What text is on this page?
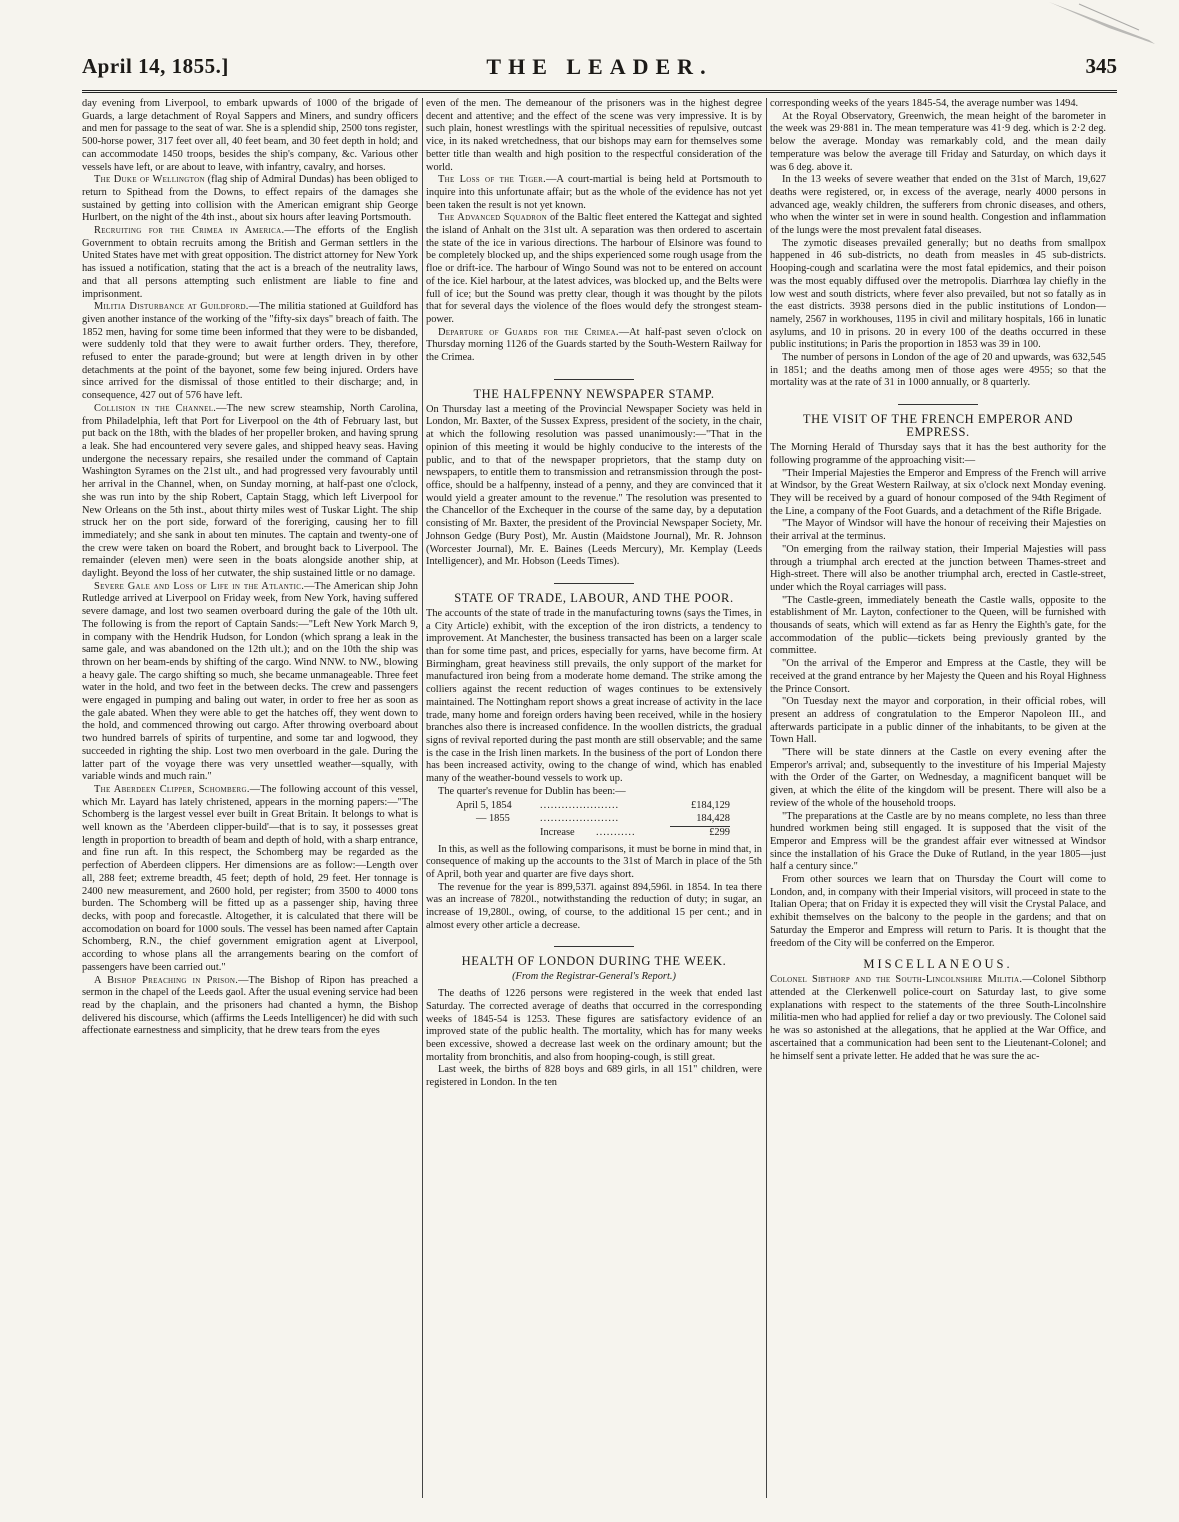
April 14, 1855.]	THE LEADER.	345

day evening from Liverpool, to embark upwards of 1000 of the brigade of Guards, a large detachment of Royal Sappers and Miners, and sundry officers and men for passage to the seat of war. She is a splendid ship, 2500 tons register, 500-horse power, 317 feet over all, 40 feet beam, and 30 feet depth in hold; and can accommodate 1450 troops, besides the ship's company, &c. Various other vessels have left, or are about to leave, with infantry, cavalry, and horses.

The Duke of Wellington (flag ship of Admiral Dundas) has been obliged to return to Spithead from the Downs, to effect repairs of the damages she sustained by getting into collision with the American emigrant ship George Hurlbert, on the night of the 4th inst., about six hours after leaving Portsmouth.

Recruiting for the Crimea in America.—The efforts of the English Government to obtain recruits among the British and German settlers in the United States have met with great opposition. The district attorney for New York has issued a notification, stating that the act is a breach of the neutrality laws, and that all persons attempting such enlistment are liable to fine and imprisonment.

Militia Disturbance at Guildford.—The militia stationed at Guildford has given another instance of the working of the "fifty-six days" breach of faith. The 1852 men, having for some time been informed that they were to be disbanded, were suddenly told that they were to await further orders. They, therefore, refused to enter the parade-ground; but were at length driven in by other detachments at the point of the bayonet, some few being injured. Orders have since arrived for the dismissal of those entitled to their discharge; and, in consequence, 427 out of 576 have left.

Collision in the Channel.—The new screw steamship, North Carolina, from Philadelphia, left that Port for Liverpool on the 4th of February last, but put back on the 18th, with the blades of her propeller broken, and having sprung a leak. She had encountered very severe gales, and shipped heavy seas. Having undergone the necessary repairs, she resailed under the command of Captain Washington Syrames on the 21st ult., and had progressed very favourably until her arrival in the Channel, when, on Sunday morning, at half-past one o'clock, she was run into by the ship Robert, Captain Stagg, which left Liverpool for New Orleans on the 5th inst., about thirty miles west of Tuskar Light. The ship struck her on the port side, forward of the foreriging, causing her to fill immediately; and she sank in about ten minutes. The captain and twenty-one of the crew were taken on board the Robert, and brought back to Liverpool. The remainder (eleven men) were seen in the boats alongside another ship, at daylight. Beyond the loss of her cutwater, the ship sustained little or no damage.

Severe Gale and Loss of Life in the Atlantic.—The American ship John Rutledge arrived at Liverpool on Friday week, from New York, having suffered severe damage, and lost two seamen overboard during the gale of the 10th ult. The following is from the report of Captain Sands:—"Left New York March 9, in company with the Hendrik Hudson, for London (which sprang a leak in the same gale, and was abandoned on the 12th ult.); and on the 10th the ship was thrown on her beam-ends by shifting of the cargo. Wind NNW. to NW., blowing a heavy gale. The cargo shifting so much, she became unmanageable. Three feet water in the hold, and two feet in the between decks. The crew and passengers were engaged in pumping and baling out water, in order to free her as soon as the gale abated. When they were able to get the hatches off, they went down to the hold, and commenced throwing out cargo. After throwing overboard about two hundred barrels of spirits of turpentine, and some tar and logwood, they succeeded in righting the ship. Lost two men overboard in the gale. During the latter part of the voyage there was very unsettled weather—squally, with variable winds and much rain."

The Aberdeen Clipper, Schomberg.—The following account of this vessel, which Mr. Layard has lately christened, appears in the morning papers:—"The Schomberg is the largest vessel ever built in Great Britain. It belongs to what is well known as the 'Aberdeen clipper-build'—that is to say, it possesses great length in proportion to breadth of beam and depth of hold, with a sharp entrance, and fine run aft. In this respect, the Schomberg may be regarded as the perfection of Aberdeen clippers. Her dimensions are as follow:—Length over all, 288 feet; extreme breadth, 45 feet; depth of hold, 29 feet. Her tonnage is 2400 new measurement, and 2600 hold, per register; from 3500 to 4000 tons burden. The Schomberg will be fitted up as a passenger ship, having three decks, with poop and forecastle. Altogether, it is calculated that there will be accomodation on board for 1000 souls. The vessel has been named after Captain Schomberg, R.N., the chief government emigration agent at Liverpool, according to whose plans all the arrangements bearing on the comfort of passengers have been carried out."

A Bishop Preaching in Prison.—The Bishop of Ripon has preached a sermon in the chapel of the Leeds gaol. After the usual evening service had been read by the chaplain, and the prisoners had chanted a hymn, the Bishop delivered his discourse, which (affirms the Leeds Intelligencer) he did with such affectionate earnestness and simplicity, that he drew tears from the eyes

even of the men. The demeanour of the prisoners was in the highest degree decent and attentive; and the effect of the scene was very impressive. It is by such plain, honest wrestlings with the spiritual necessities of repulsive, outcast vice, in its naked wretchedness, that our bishops may earn for themselves some better title than wealth and high position to the respectful consideration of the world.

The Loss of the Tiger.—A court-martial is being held at Portsmouth to inquire into this unfortunate affair; but as the whole of the evidence has not yet been taken the result is not yet known.

The Advanced Squadron of the Baltic fleet entered the Kattegat and sighted the island of Anhalt on the 31st ult. A separation was then ordered to ascertain the state of the ice in various directions. The harbour of Elsinore was found to be completely blocked up, and the ships experienced some rough usage from the floe or drift-ice. The harbour of Wingo Sound was not to be entered on account of the ice. Kiel harbour, at the latest advices, was blocked up, and the Belts were full of ice; but the Sound was pretty clear, though it was thought by the pilots that for several days the violence of the floes would defy the strongest steam-power.

Departure of Guards for the Crimea.—At half-past seven o'clock on Thursday morning 1126 of the Guards started by the South-Western Railway for the Crimea.

THE HALFPENNY NEWSPAPER STAMP.

On Thursday last a meeting of the Provincial Newspaper Society was held in London, Mr. Baxter, of the Sussex Express, president of the society, in the chair, at which the following resolution was passed unanimously:—"That in the opinion of this meeting it would be highly conducive to the interests of the public, and to that of the newspaper proprietors, that the stamp duty on newspapers, to entitle them to transmission and retransmission through the post-office, should be a halfpenny, instead of a penny, and they are convinced that it would yield a greater amount to the revenue." The resolution was presented to the Chancellor of the Exchequer in the course of the same day, by a deputation consisting of Mr. Baxter, the president of the Provincial Newspaper Society, Mr. Johnson Gedge (Bury Post), Mr. Austin (Maidstone Journal), Mr. R. Johnson (Worcester Journal), Mr. E. Baines (Leeds Mercury), Mr. Kemplay (Leeds Intelligencer), and Mr. Hobson (Leeds Times).

STATE OF TRADE, LABOUR, AND THE POOR.

The accounts of the state of trade in the manufacturing towns (says the Times, in a City Article) exhibit, with the exception of the iron districts, a tendency to improvement. At Manchester, the business transacted has been on a larger scale than for some time past, and prices, especially for yarns, have become firm. At Birmingham, great heaviness still prevails, the only support of the market for manufactured iron being from a moderate home demand. The strike among the colliers against the recent reduction of wages continues to be extensively maintained. The Nottingham report shows a great increase of activity in the lace trade, many home and foreign orders having been received, while in the hosiery branches also there is increased confidence. In the woollen districts, the gradual signs of revival reported during the past month are still observable; and the same is the case in the Irish linen markets. In the business of the port of London there has been increased activity, owing to the change of wind, which has enabled many of the weather-bound vessels to work up.

The quarter's revenue for Dublin has been:—

April 5, 1854	......................	£184,129
— 1855	......................	184,428
Increase	...........	£299

In this, as well as the following comparisons, it must be borne in mind that, in consequence of making up the accounts to the 31st of March in place of the 5th of April, both year and quarter are five days short.

The revenue for the year is 899,537l. against 894,596l. in 1854. In tea there was an increase of 7820l., notwithstanding the reduction of duty; in sugar, an increase of 19,280l., owing, of course, to the additional 15 per cent.; and in almost every other article a decrease.

HEALTH OF LONDON DURING THE WEEK.
(From the Registrar-General's Report.)

The deaths of 1226 persons were registered in the week that ended last Saturday. The corrected average of deaths that occurred in the corresponding weeks of 1845-54 is 1253. These figures are satisfactory evidence of an improved state of the public health. The mortality, which has for many weeks been excessive, showed a decrease last week on the ordinary amount; but the mortality from bronchitis, and also from hooping-cough, is still great.

Last week, the births of 828 boys and 689 girls, in all 151" children, were registered in London. In the ten

corresponding weeks of the years 1845-54, the average number was 1494.

At the Royal Observatory, Greenwich, the mean height of the barometer in the week was 29·881 in. The mean temperature was 41·9 deg. which is 2·2 deg. below the average. Monday was remarkably cold, and the mean daily temperature was below the average till Friday and Saturday, on which days it was 6 deg. above it.

In the 13 weeks of severe weather that ended on the 31st of March, 19,627 deaths were registered, or, in excess of the average, nearly 4000 persons in advanced age, weakly children, the sufferers from chronic diseases, and others, who when the winter set in were in sound health. Congestion and inflammation of the lungs were the most prevalent fatal diseases.

The zymotic diseases prevailed generally; but no deaths from smallpox happened in 46 sub-districts, no death from measles in 45 sub-districts. Hooping-cough and scarlatina were the most fatal epidemics, and their poison was the most equably diffused over the metropolis. Diarrhœa lay chiefly in the low west and south districts, where fever also prevailed, but not so fatally as in the east districts. 3938 persons died in the public institutions of London—namely, 2567 in workhouses, 1195 in civil and military hospitals, 166 in lunatic asylums, and 10 in prisons. 20 in every 100 of the deaths occurred in these public institutions; in Paris the proportion in 1853 was 39 in 100.

The number of persons in London of the age of 20 and upwards, was 632,545 in 1851; and the deaths among men of those ages were 4955; so that the mortality was at the rate of 31 in 1000 annually, or 8 quarterly.

THE VISIT OF THE FRENCH EMPEROR AND EMPRESS.

The Morning Herald of Thursday says that it has the best authority for the following programme of the approaching visit:—

"Their Imperial Majesties the Emperor and Empress of the French will arrive at Windsor, by the Great Western Railway, at six o'clock next Monday evening. They will be received by a guard of honour composed of the 94th Regiment of the Line, a company of the Foot Guards, and a detachment of the Rifle Brigade.

"The Mayor of Windsor will have the honour of receiving their Majesties on their arrival at the terminus.

"On emerging from the railway station, their Imperial Majesties will pass through a triumphal arch erected at the junction between Thames-street and High-street. There will also be another triumphal arch, erected in Castle-street, under which the Royal carriages will pass.

"The Castle-green, immediately beneath the Castle walls, opposite to the establishment of Mr. Layton, confectioner to the Queen, will be furnished with thousands of seats, which will extend as far as Henry the Eighth's gate, for the accommodation of the public—tickets being previously granted by the committee.

"On the arrival of the Emperor and Empress at the Castle, they will be received at the grand entrance by her Majesty the Queen and his Royal Highness the Prince Consort.

"On Tuesday next the mayor and corporation, in their official robes, will present an address of congratulation to the Emperor Napoleon III., and afterwards participate in a public dinner of the inhabitants, to be given at the Town Hall.

"There will be state dinners at the Castle on every evening after the Emperor's arrival; and, subsequently to the investiture of his Imperial Majesty with the Order of the Garter, on Wednesday, a magnificent banquet will be given, at which the élite of the kingdom will be present. There will also be a review of the whole of the household troops.

"The preparations at the Castle are by no means complete, no less than three hundred workmen being still engaged. It is supposed that the visit of the Emperor and Empress will be the grandest affair ever witnessed at Windsor since the installation of his Grace the Duke of Rutland, in the year 1805—just half a century since."

From other sources we learn that on Thursday the Court will come to London, and, in company with their Imperial visitors, will proceed in state to the Italian Opera; that on Friday it is expected they will visit the Crystal Palace, and exhibit themselves on the balcony to the people in the gardens; and that on Saturday the Emperor and Empress will return to Paris. It is thought that the freedom of the City will be conferred on the Emperor.

MISCELLANEOUS.

Colonel Sibthorp and the South-Lincolnshire Militia.—Colonel Sibthorp attended at the Clerkenwell police-court on Saturday last, to give some explanations with respect to the statements of the three South-Lincolnshire militia-men who had applied for relief a day or two previously. The Colonel said he was so astonished at the allegations, that he applied at the War Office, and ascertained that a communication had been sent to the Lieutenant-Colonel; and he himself sent a private letter. He added that he was sure the ac-
